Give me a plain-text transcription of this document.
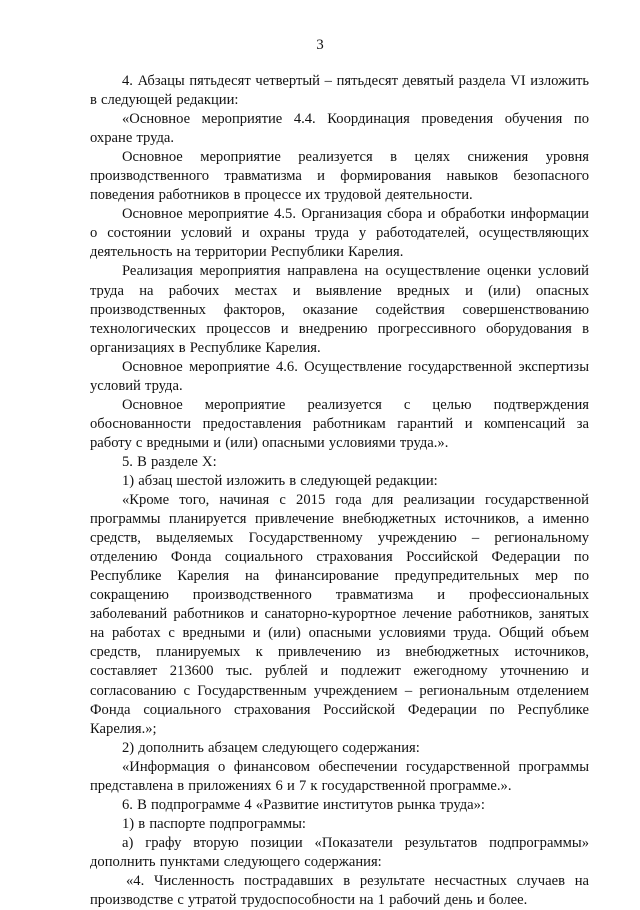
3

4. Абзацы пятьдесят четвертый – пятьдесят девятый раздела VI изложить в следующей редакции:

«Основное мероприятие 4.4. Координация проведения обучения по охране труда.

Основное мероприятие реализуется в целях снижения уровня производственного травматизма и формирования навыков безопасного поведения работников в процессе их трудовой деятельности.

Основное мероприятие 4.5. Организация сбора и обработки информации о состоянии условий и охраны труда у работодателей, осуществляющих деятельность на территории Республики Карелия.

Реализация мероприятия направлена на осуществление оценки условий труда на рабочих местах и выявление вредных и (или) опасных производственных факторов, оказание содействия совершенствованию технологических процессов и внедрению прогрессивного оборудования в организациях в Республике Карелия.

Основное мероприятие 4.6. Осуществление государственной экспертизы условий труда.

Основное мероприятие реализуется с целью подтверждения обоснованности предоставления работникам гарантий и компенсаций за работу с вредными и (или) опасными условиями труда.».

5. В разделе X:

1) абзац шестой изложить в следующей редакции:

«Кроме того, начиная с 2015 года для реализации государственной программы планируется привлечение внебюджетных источников, а именно средств, выделяемых Государственному учреждению – региональному отделению Фонда социального страхования Российской Федерации по Республике Карелия на финансирование предупредительных мер по сокращению производственного травматизма и профессиональных заболеваний работников и санаторно-курортное лечение работников, занятых на работах с вредными и (или) опасными условиями труда. Общий объем средств, планируемых к привлечению из внебюджетных источников, составляет 213600 тыс. рублей и подлежит ежегодному уточнению и согласованию с Государственным учреждением – региональным отделением Фонда социального страхования Российской Федерации по Республике Карелия.»;

2) дополнить абзацем следующего содержания:

«Информация о финансовом обеспечении государственной программы представлена в приложениях 6 и 7 к государственной программе.».

6. В подпрограмме 4 «Развитие институтов рынка труда»:

1) в паспорте подпрограммы:

а) графу вторую позиции «Показатели результатов подпрограммы» дополнить пунктами следующего содержания:

«4. Численность пострадавших в результате несчастных случаев на производстве с утратой трудоспособности на 1 рабочий день и более.
